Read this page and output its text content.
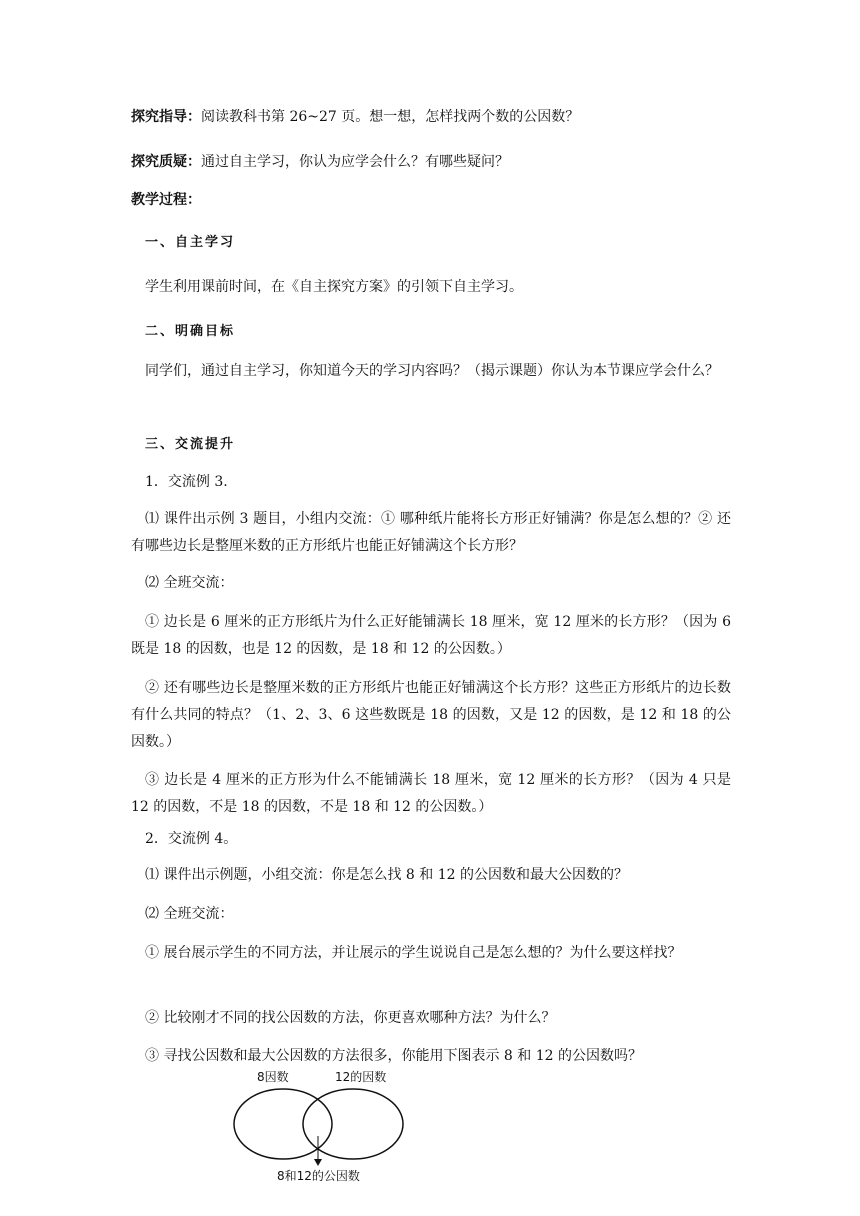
探究指导：阅读教科书第 26~27 页。想一想，怎样找两个数的公因数？
探究质疑：通过自主学习，你认为应学会什么？有哪些疑问？
教学过程：
一、自主学习
学生利用课前时间，在《自主探究方案》的引领下自主学习。
二、明确目标
同学们，通过自主学习，你知道今天的学习内容吗？（揭示课题）你认为本节课应学会什么？
三、交流提升
1．交流例 3.
⑴ 课件出示例 3 题目，小组内交流：① 哪种纸片能将长方形正好铺满？你是怎么想的？② 还有哪些边长是整厘米数的正方形纸片也能正好铺满这个长方形？
⑵ 全班交流：
① 边长是 6 厘米的正方形纸片为什么正好能铺满长 18 厘米，宽 12 厘米的长方形？（因为 6 既是 18 的因数，也是 12 的因数，是 18 和 12 的公因数。）
② 还有哪些边长是整厘米数的正方形纸片也能正好铺满这个长方形？这些正方形纸片的边长数有什么共同的特点？（1、2、3、6 这些数既是 18 的因数，又是 12 的因数，是 12 和 18 的公因数。）
③ 边长是 4 厘米的正方形为什么不能铺满长 18 厘米，宽 12 厘米的长方形？（因为 4 只是 12 的因数，不是 18 的因数，不是 18 和 12 的公因数。）
2．交流例 4。
⑴ 课件出示例题，小组交流：你是怎么找 8 和 12 的公因数和最大公因数的？
⑵ 全班交流：
① 展台展示学生的不同方法，并让展示的学生说说自己是怎么想的？为什么要这样找？
② 比较刚才不同的找公因数的方法，你更喜欢哪种方法？为什么？
③ 寻找公因数和最大公因数的方法很多，你能用下图表示 8 和 12 的公因数吗？
8因数	12的因数
8和12的公因数
